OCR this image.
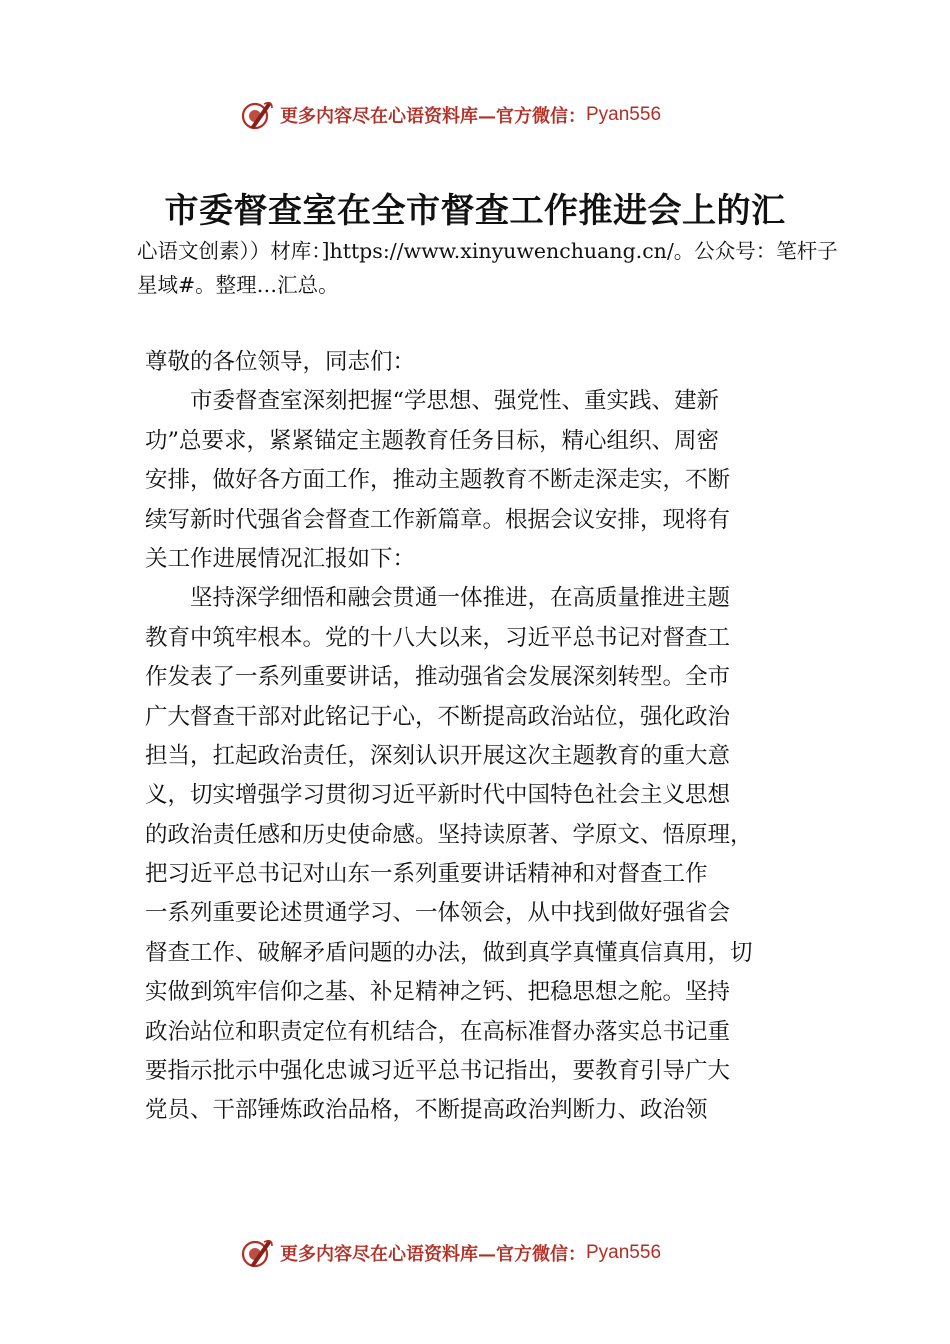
更多内容尽在心语资料库—官方微信： Pyan556
市委督查室在全市督查工作推进会上的汇
心语文创素））材库：]https://www.xinyuwenchuang.cn/。公众号：笔杆子星域#。整理…汇总。
尊敬的各位领导，同志们：
市委督查室深刻把握“学思想、强党性、重实践、建新
功”总要求，紧紧锚定主题教育任务目标，精心组织、周密
安排，做好各方面工作，推动主题教育不断走深走实，不断
续写新时代强省会督查工作新篇章。根据会议安排，现将有
关工作进展情况汇报如下：
坚持深学细悟和融会贯通一体推进，在高质量推进主题
教育中筑牢根本。党的十八大以来，习近平总书记对督查工
作发表了一系列重要讲话，推动强省会发展深刻转型。全市
广大督查干部对此铭记于心，不断提高政治站位，强化政治
担当，扛起政治责任，深刻认识开展这次主题教育的重大意
义，切实增强学习贯彻习近平新时代中国特色社会主义思想
的政治责任感和历史使命感。坚持读原著、学原文、悟原理，
把习近平总书记对山东一系列重要讲话精神和对督查工作
一系列重要论述贯通学习、一体领会，从中找到做好强省会
督查工作、破解矛盾问题的办法，做到真学真懂真信真用，切
实做到筑牢信仰之基、补足精神之钙、把稳思想之舵。坚持
政治站位和职责定位有机结合，在高标准督办落实总书记重
要指示批示中强化忠诚习近平总书记指出，要教育引导广大
党员、干部锤炼政治品格，不断提高政治判断力、政治领
更多内容尽在心语资料库—官方微信： Pyan556
